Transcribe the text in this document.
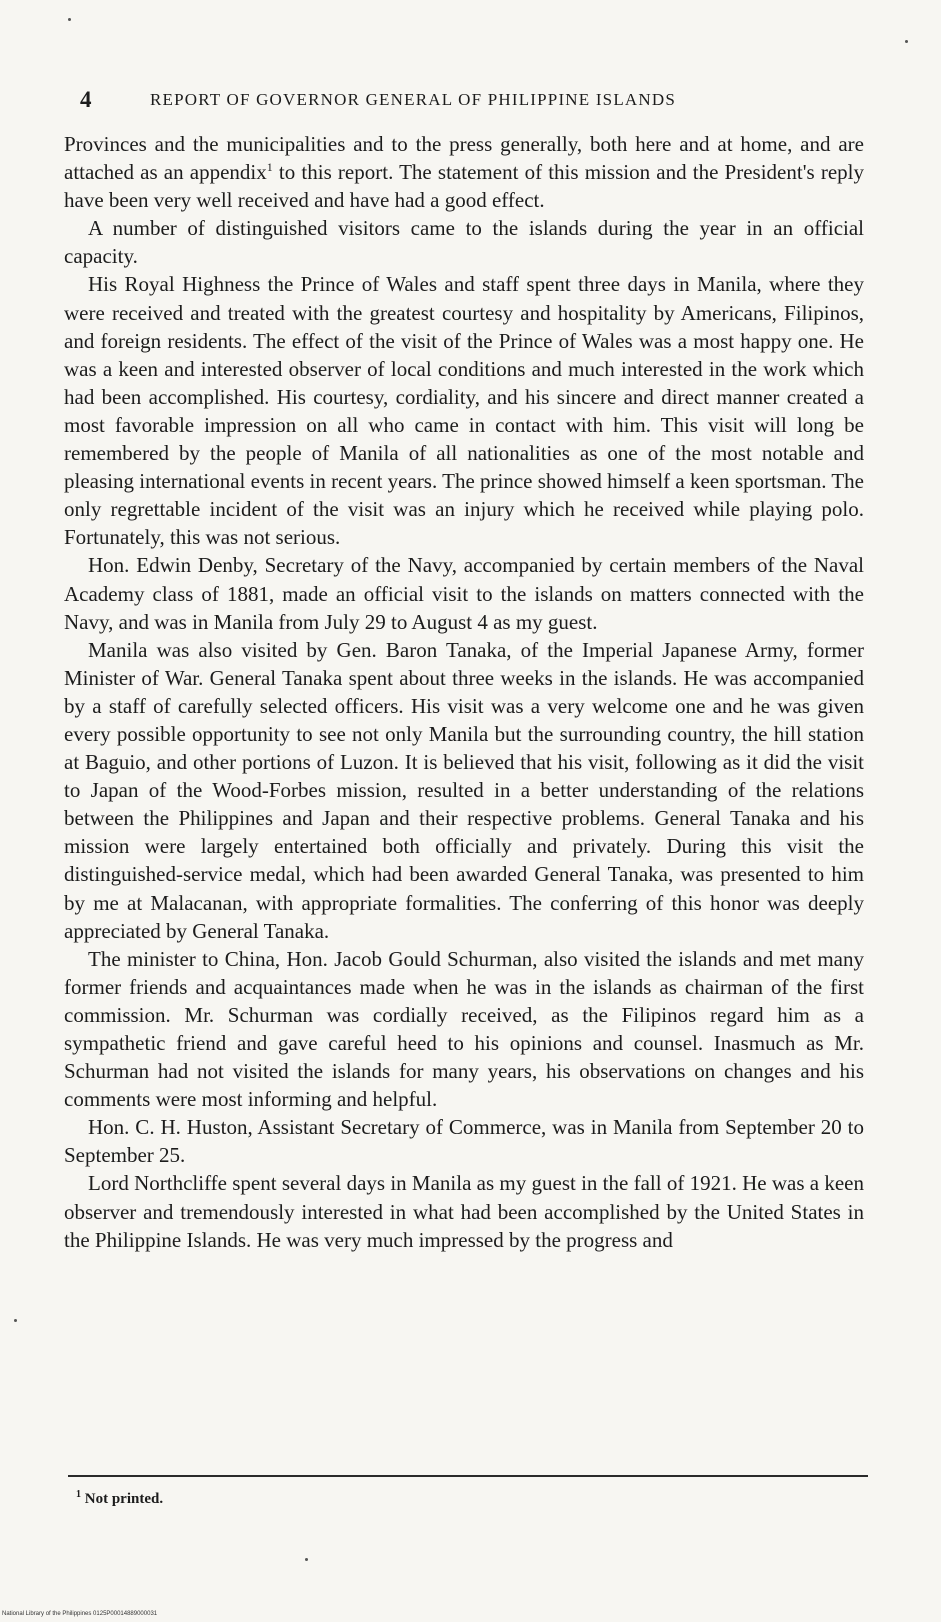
4	REPORT OF GOVERNOR GENERAL OF PHILIPPINE ISLANDS

Provinces and the municipalities and to the press generally, both here and at home, and are attached as an appendix$^1$ to this report. The statement of this mission and the President's reply have been very well received and have had a good effect.

A number of distinguished visitors came to the islands during the year in an official capacity.

His Royal Highness the Prince of Wales and staff spent three days in Manila, where they were received and treated with the greatest courtesy and hospitality by Americans, Filipinos, and foreign residents. The effect of the visit of the Prince of Wales was a most happy one. He was a keen and interested observer of local conditions and much interested in the work which had been accomplished. His courtesy, cordiality, and his sincere and direct manner created a most favorable impression on all who came in contact with him. This visit will long be remembered by the people of Manila of all nationalities as one of the most notable and pleasing international events in recent years. The prince showed himself a keen sportsman. The only regrettable incident of the visit was an injury which he received while playing polo. Fortunately, this was not serious.

Hon. Edwin Denby, Secretary of the Navy, accompanied by certain members of the Naval Academy class of 1881, made an official visit to the islands on matters connected with the Navy, and was in Manila from July 29 to August 4 as my guest.

Manila was also visited by Gen. Baron Tanaka, of the Imperial Japanese Army, former Minister of War. General Tanaka spent about three weeks in the islands. He was accompanied by a staff of carefully selected officers. His visit was a very welcome one and he was given every possible opportunity to see not only Manila but the surrounding country, the hill station at Baguio, and other portions of Luzon. It is believed that his visit, following as it did the visit to Japan of the Wood-Forbes mission, resulted in a better understanding of the relations between the Philippines and Japan and their respective problems. General Tanaka and his mission were largely entertained both officially and privately. During this visit the distinguished-service medal, which had been awarded General Tanaka, was presented to him by me at Malacanan, with appropriate formalities. The conferring of this honor was deeply appreciated by General Tanaka.

The minister to China, Hon. Jacob Gould Schurman, also visited the islands and met many former friends and acquaintances made when he was in the islands as chairman of the first commission. Mr. Schurman was cordially received, as the Filipinos regard him as a sympathetic friend and gave careful heed to his opinions and counsel. Inasmuch as Mr. Schurman had not visited the islands for many years, his observations on changes and his comments were most informing and helpful.

Hon. C. H. Huston, Assistant Secretary of Commerce, was in Manila from September 20 to September 25.

Lord Northcliffe spent several days in Manila as my guest in the fall of 1921. He was a keen observer and tremendously interested in what had been accomplished by the United States in the Philippine Islands. He was very much impressed by the progress and

$^1$ Not printed.
National Library of the Philippines 0125P00014889000031
